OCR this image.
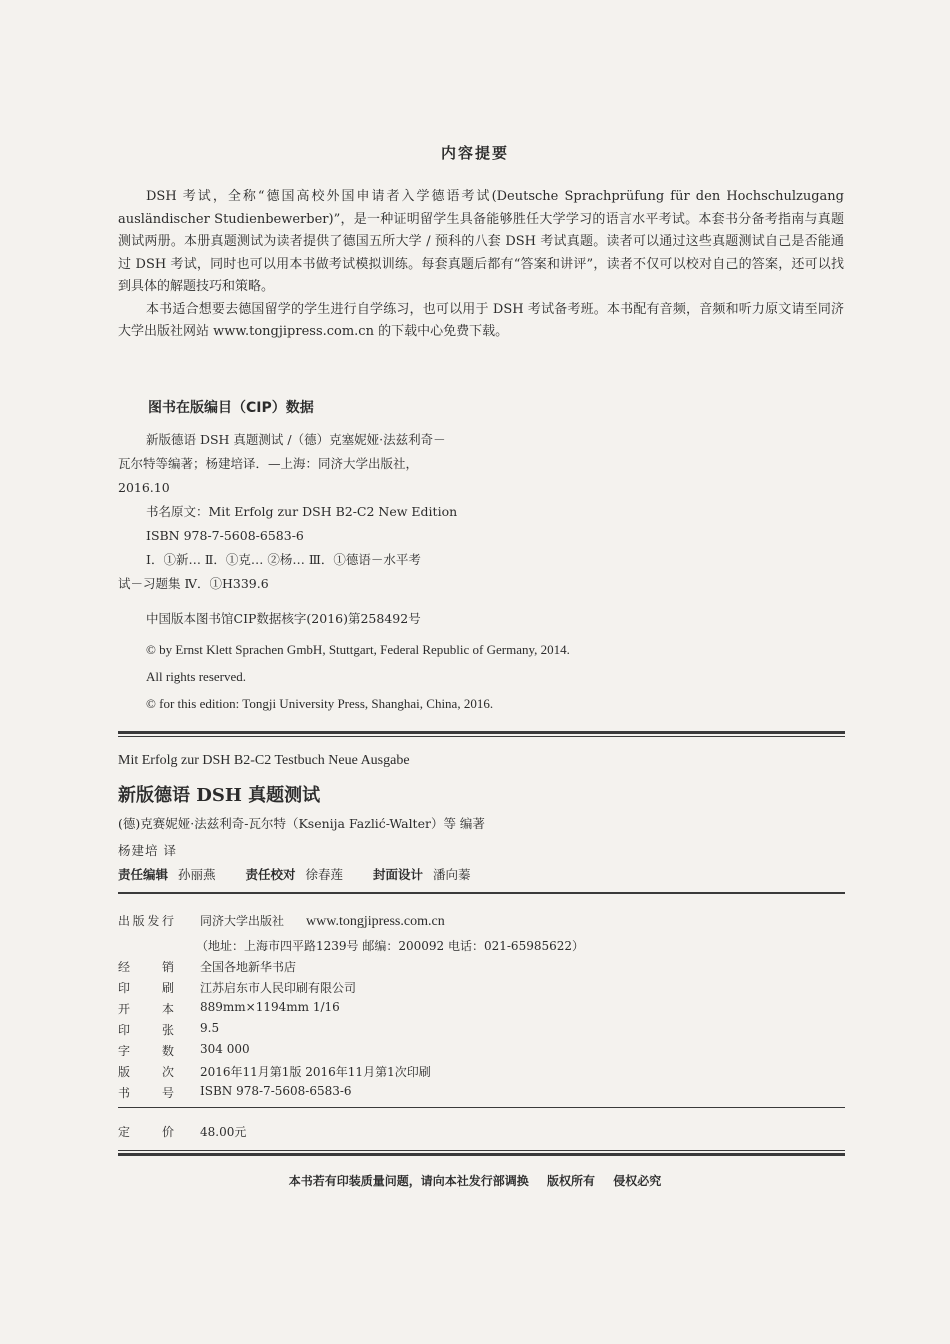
内容提要

DSH 考试，全称“德国高校外国申请者入学德语考试(Deutsche Sprachprüfung für den Hochschulzugang ausländischer Studienbewerber)”，是一种证明留学生具备能够胜任大学学习的语言水平考试。本套书分备考指南与真题测试两册。本册真题测试为读者提供了德国五所大学 / 预科的八套 DSH 考试真题。读者可以通过这些真题测试自己是否能通过 DSH 考试，同时也可以用本书做考试模拟训练。每套真题后都有“答案和讲评”，读者不仅可以校对自己的答案，还可以找到具体的解题技巧和策略。

本书适合想要去德国留学的学生进行自学练习，也可以用于 DSH 考试备考班。本书配有音频，音频和听力原文请至同济大学出版社网站 www.tongjipress.com.cn 的下载中心免费下载。

图书在版编目（CIP）数据
新版德语 DSH 真题测试 /（德）克塞妮娅·法兹利奇－
瓦尔特等编著；杨建培译．—上海：同济大学出版社，
2016.10
书名原文：Mit Erfolg zur DSH B2-C2 New Edition
ISBN 978-7-5608-6583-6
Ⅰ．①新… Ⅱ．①克… ②杨… Ⅲ．①德语－水平考
试－习题集 Ⅳ．①H339.6
中国版本图书馆CIP数据核字(2016)第258492号
© by Ernst Klett Sprachen GmbH, Stuttgart, Federal Republic of Germany, 2014.
All rights reserved.
© for this edition: Tongji University Press, Shanghai, China, 2016.
Mit Erfolg zur DSH B2-C2 Testbuch Neue Ausgabe
新版德语 DSH 真题测试
(德)克赛妮娅·法兹利奇-瓦尔特（Ksenija Fazlić-Walter）等 编著
杨建培 译
责任编辑 孙丽燕 责任校对 徐春莲 封面设计 潘向蓁
出版发行 同济大学出版社 www.tongjipress.com.cn
（地址：上海市四平路1239号 邮编：200092 电话：021-65985622）
经销 全国各地新华书店
印刷 江苏启东市人民印刷有限公司
开本 889mm×1194mm 1/16
印张 9.5
字数 304 000
版次 2016年11月第1版 2016年11月第1次印刷
书号 ISBN 978-7-5608-6583-6
定价 48.00元
本书若有印装质量问题，请向本社发行部调换 版权所有 侵权必究
